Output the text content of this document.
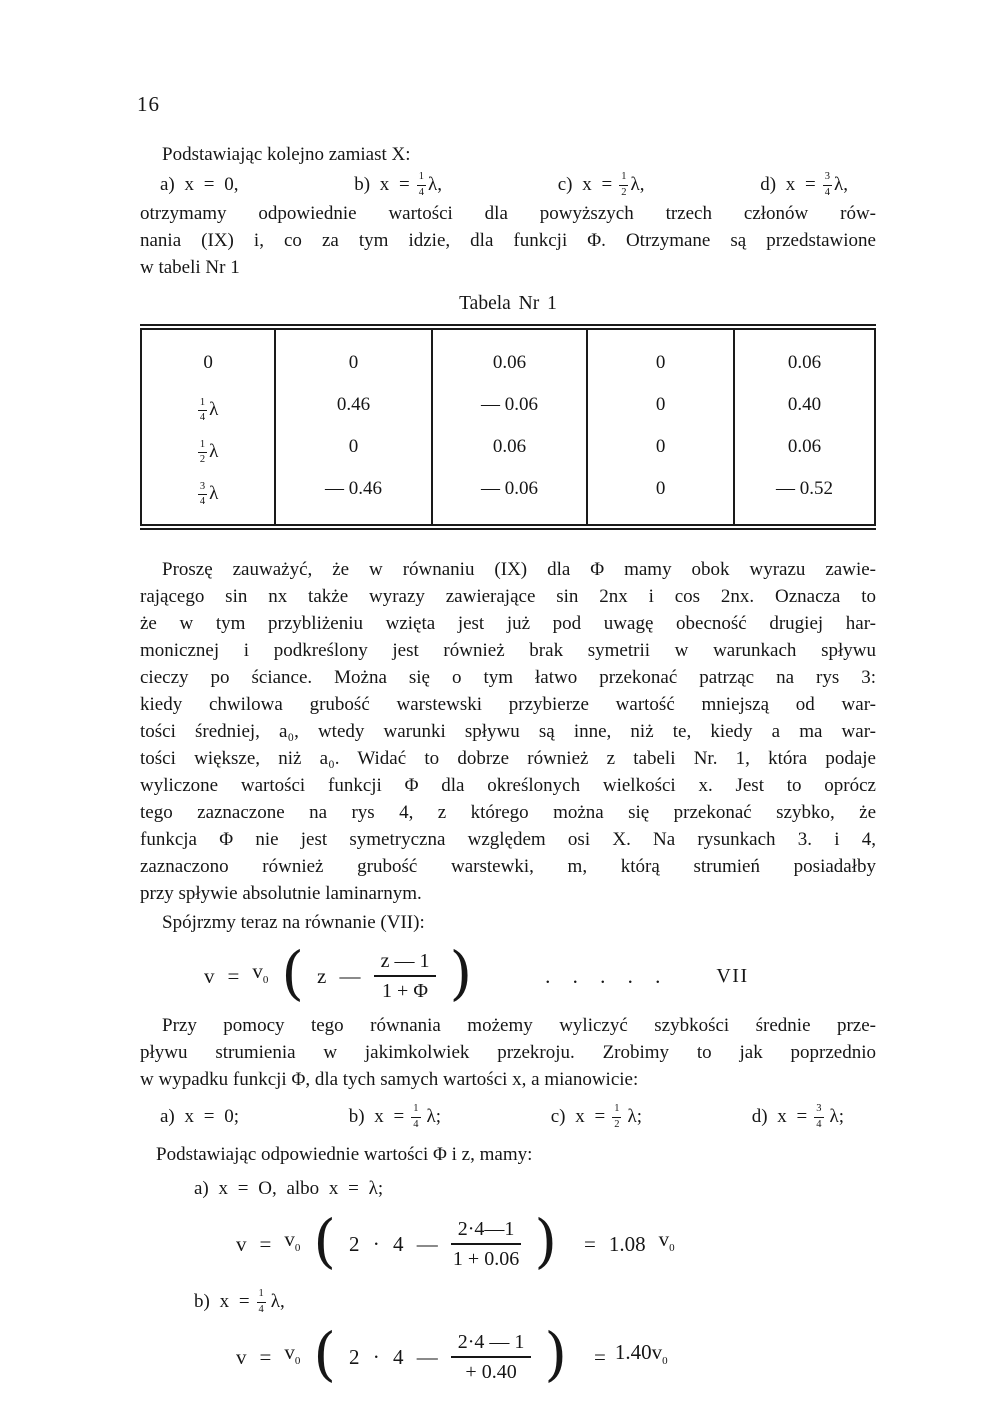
16
Podstawiając kolejno zamiast X:
a) x = 0,	b) $x = \frac{1}{4} \lambda$,	c) $x = \frac{1}{2} \lambda$,	d) $x = \frac{3}{4} \lambda$,
otrzymamy odpowiednie wartości dla powyższych trzech członów rów-
nania (IX) i, co za tym idzie, dla funkcji Φ. Otrzymane są przedstawione
w tabeli Nr 1
Tabela Nr 1
0	0	0.06	0	0.06

1
4 λ	0.46	— 0.06	0	0.40

1
2 λ	0	0.06	0	0.06

3
4 λ	— 0.46	— 0.06	0	— 0.52
Proszę zauważyć, że w równaniu (IX) dla Φ mamy obok wyrazu zawie-
rającego sin nx także wyrazy zawierające sin 2nx i cos 2nx. Oznacza to
że w tym przybliżeniu wzięta jest już pod uwagę obecność drugiej har-
monicznej i podkreślony jest również brak symetrii w warunkach spływu
cieczy po ściance. Można się o tym łatwo przekonać patrząc na rys 3:
kiedy chwilowa grubość warstewski przybierze wartość mniejszą od war-
tości średniej, a₀, wtedy warunki spływu są inne, niż te, kiedy a ma war-
tości większe, niż a₀. Widać to dobrze również z tabeli Nr. 1, która podaje
wyliczone wartości funkcji Φ dla określonych wielkości x. Jest to oprócz
tego zaznaczone na rys 4, z którego można się przekonać szybko, że
funkcja Φ nie jest symetryczna względem osi X. Na rysunkach 3. i 4,
zaznaczono również grubość warstewki, m, którą strumień posiadałby
przy spływie absolutnie laminarnym.
Spójrzmy teraz na równanie (VII):
$v = v_0$ ( z — $\frac{z — 1}{1 + \Phi}$ )	. . . . .	VII
Przy pomocy tego równania możemy wyliczyć szybkości średnie prze-
pływu strumienia w jakimkolwiek przekroju. Zrobimy to jak poprzednio
w wypadku funkcji Φ, dla tych samych wartości x, a mianowicie:
a) x = 0;	b) $x = \frac{1}{4} \lambda$;	c) $x = \frac{1}{2} \lambda$;	d) $x = \frac{3}{4} \lambda$;
Podstawiając odpowiednie wartości Φ i z, mamy:
a) x = O, albo x = λ;
$v = v_0$ ( 2 · 4 — $\frac{2\cdot 4—1}{1 + 0.06}$ ) = 1.08 $v_0$
b) $x = \frac{1}{4} \lambda$,
$v = v_0$ ( 2 · 4 — $\frac{2\cdot 4 — 1}{+ 0.40}$ ) = $1.40v_0$
